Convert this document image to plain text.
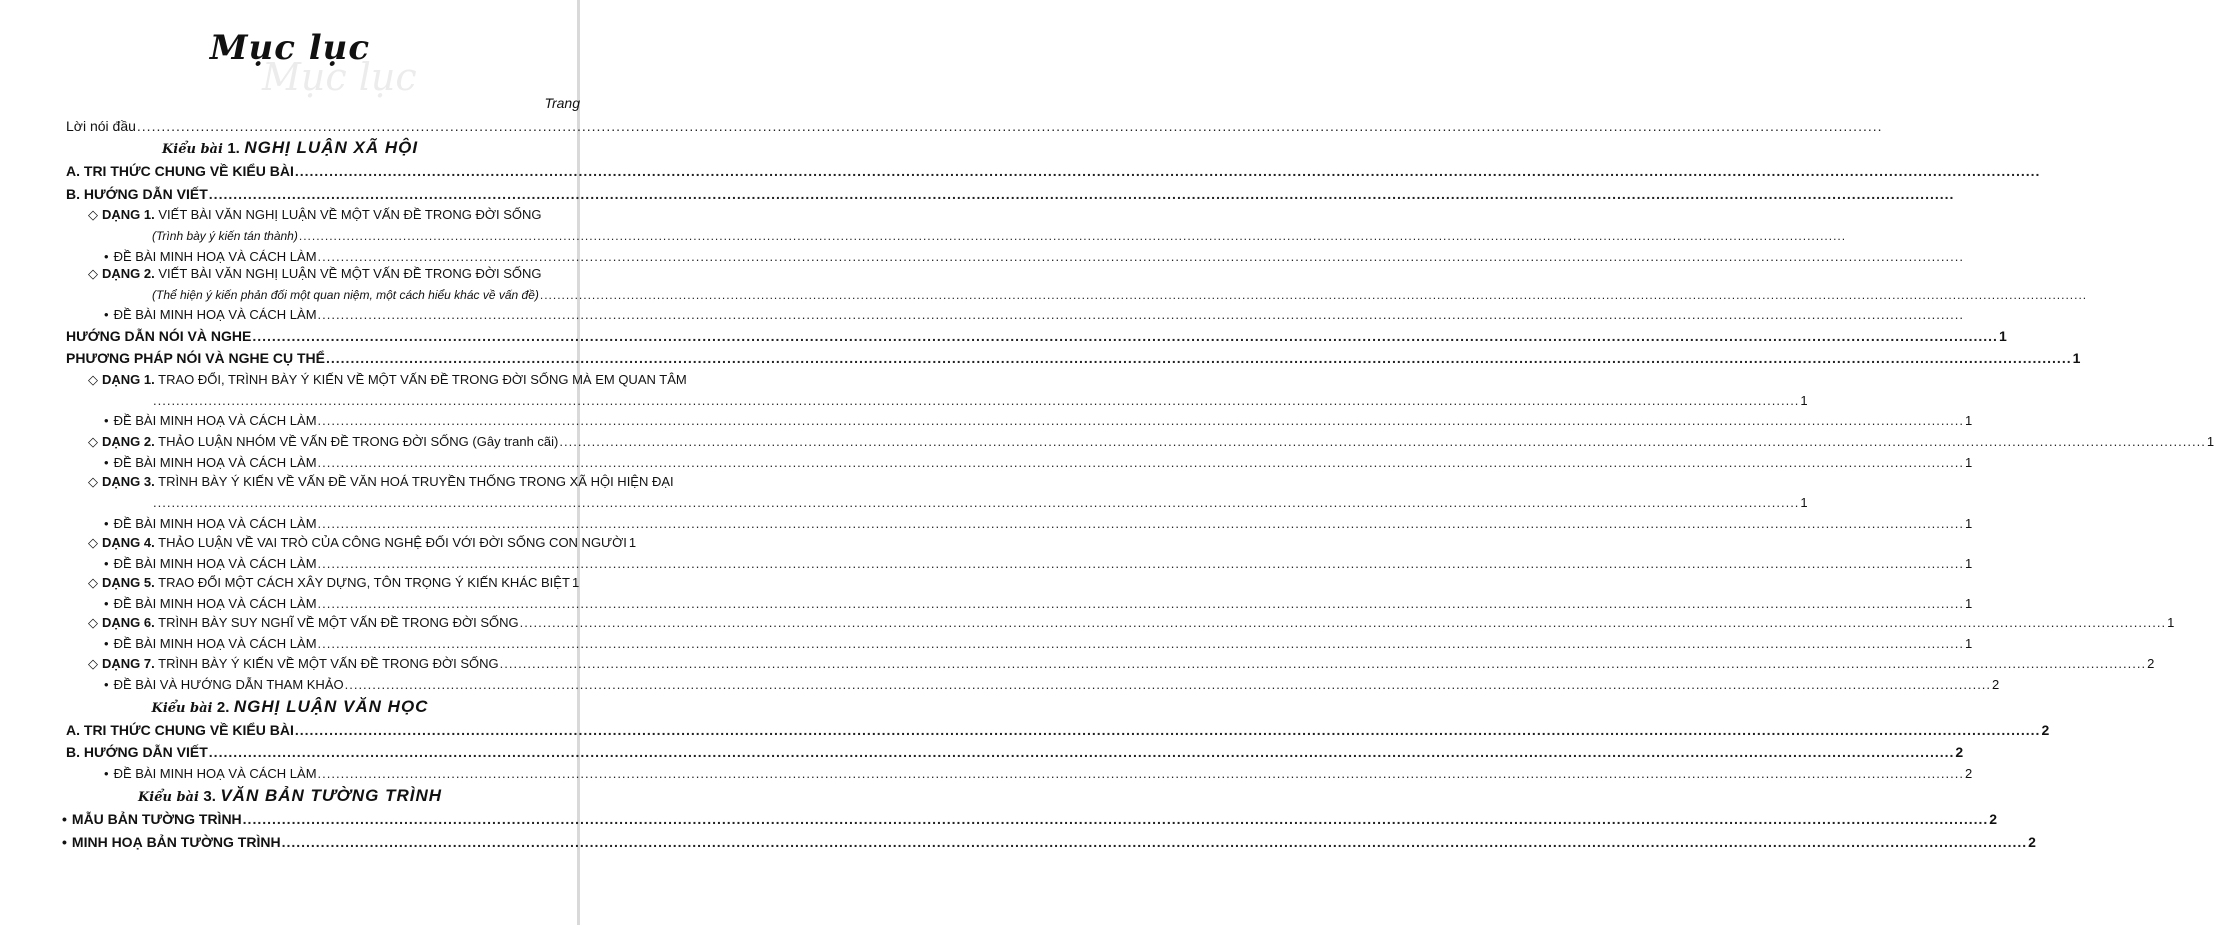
Mục lục
Mục lục
Trang
Lời nói đầu
.....
Kiểu bài 1. NGHỊ LUẬN XÃ HỘI
A. TRI THỨC CHUNG VỀ KIỂU BÀI
.....
B. HƯỚNG DẪN VIẾT
.....
◇ DẠNG 1. VIẾT BÀI VĂN NGHỊ LUẬN VỀ MỘT VẤN ĐỀ TRONG ĐỜI SỐNG
(Trình bày ý kiến tán thành)
.....
• ĐỀ BÀI MINH HOẠ VÀ CÁCH LÀM
.....
◇ DẠNG 2. VIẾT BÀI VĂN NGHỊ LUẬN VỀ MỘT VẤN ĐỀ TRONG ĐỜI SỐNG
(Thể hiện ý kiến phản đối một quan niệm, một cách hiểu khác về vấn đề)
.....
• ĐỀ BÀI MINH HOẠ VÀ CÁCH LÀM
.....
HƯỚNG DẪN NÓI VÀ NGHE .....	1
PHƯƠNG PHÁP NÓI VÀ NGHE CỤ THỂ .....	1
◇ DẠNG 1. TRAO ĐỔI, TRÌNH BÀY Ý KIẾN VỀ MỘT VẤN ĐỀ TRONG ĐỜI SỐNG MÀ EM QUAN TÂM
.....
1
• ĐỀ BÀI MINH HOẠ VÀ CÁCH LÀM .....	1
◇ DẠNG 2. THẢO LUẬN NHÓM VỀ VẤN ĐỀ TRONG ĐỜI SỐNG (Gây tranh cãi) .....	1
• ĐỀ BÀI MINH HOẠ VÀ CÁCH LÀM .....	1
◇ DẠNG 3. TRÌNH BÀY Ý KIẾN VỀ VẤN ĐỀ VĂN HOÁ TRUYỀN THỐNG TRONG XÃ HỘI HIỆN ĐẠI
.....
1
• ĐỀ BÀI MINH HOẠ VÀ CÁCH LÀM .....	1
◇ DẠNG 4. THẢO LUẬN VỀ VAI TRÒ CỦA CÔNG NGHỆ ĐỐI VỚI ĐỜI SỐNG CON NGƯỜI 1
• ĐỀ BÀI MINH HOẠ VÀ CÁCH LÀM .....	1
◇ DẠNG 5. TRAO ĐỔI MỘT CÁCH XÂY DỰNG, TÔN TRỌNG Ý KIẾN KHÁC BIỆT ..... 1
• ĐỀ BÀI MINH HOẠ VÀ CÁCH LÀM .....	1
◇ DẠNG 6. TRÌNH BÀY SUY NGHĨ VỀ MỘT VẤN ĐỀ TRONG ĐỜI SỐNG .....	1
• ĐỀ BÀI MINH HOẠ VÀ CÁCH LÀM .....	1
◇ DẠNG 7. TRÌNH BÀY Ý KIẾN VỀ MỘT VẤN ĐỀ TRONG ĐỜI SỐNG .....	2
• ĐỀ BÀI VÀ HƯỚNG DẪN THAM KHẢO .....	2
Kiểu bài 2. NGHỊ LUẬN VĂN HỌC
A. TRI THỨC CHUNG VỀ KIỂU BÀI .....	2
B. HƯỚNG DẪN VIẾT .....	2
• ĐỀ BÀI MINH HOẠ VÀ CÁCH LÀM .....	2
Kiểu bài 3. VĂN BẢN TƯỜNG TRÌNH
• MẪU BẢN TƯỜNG TRÌNH .....	2
• MINH HOẠ BẢN TƯỜNG TRÌNH .....	2
